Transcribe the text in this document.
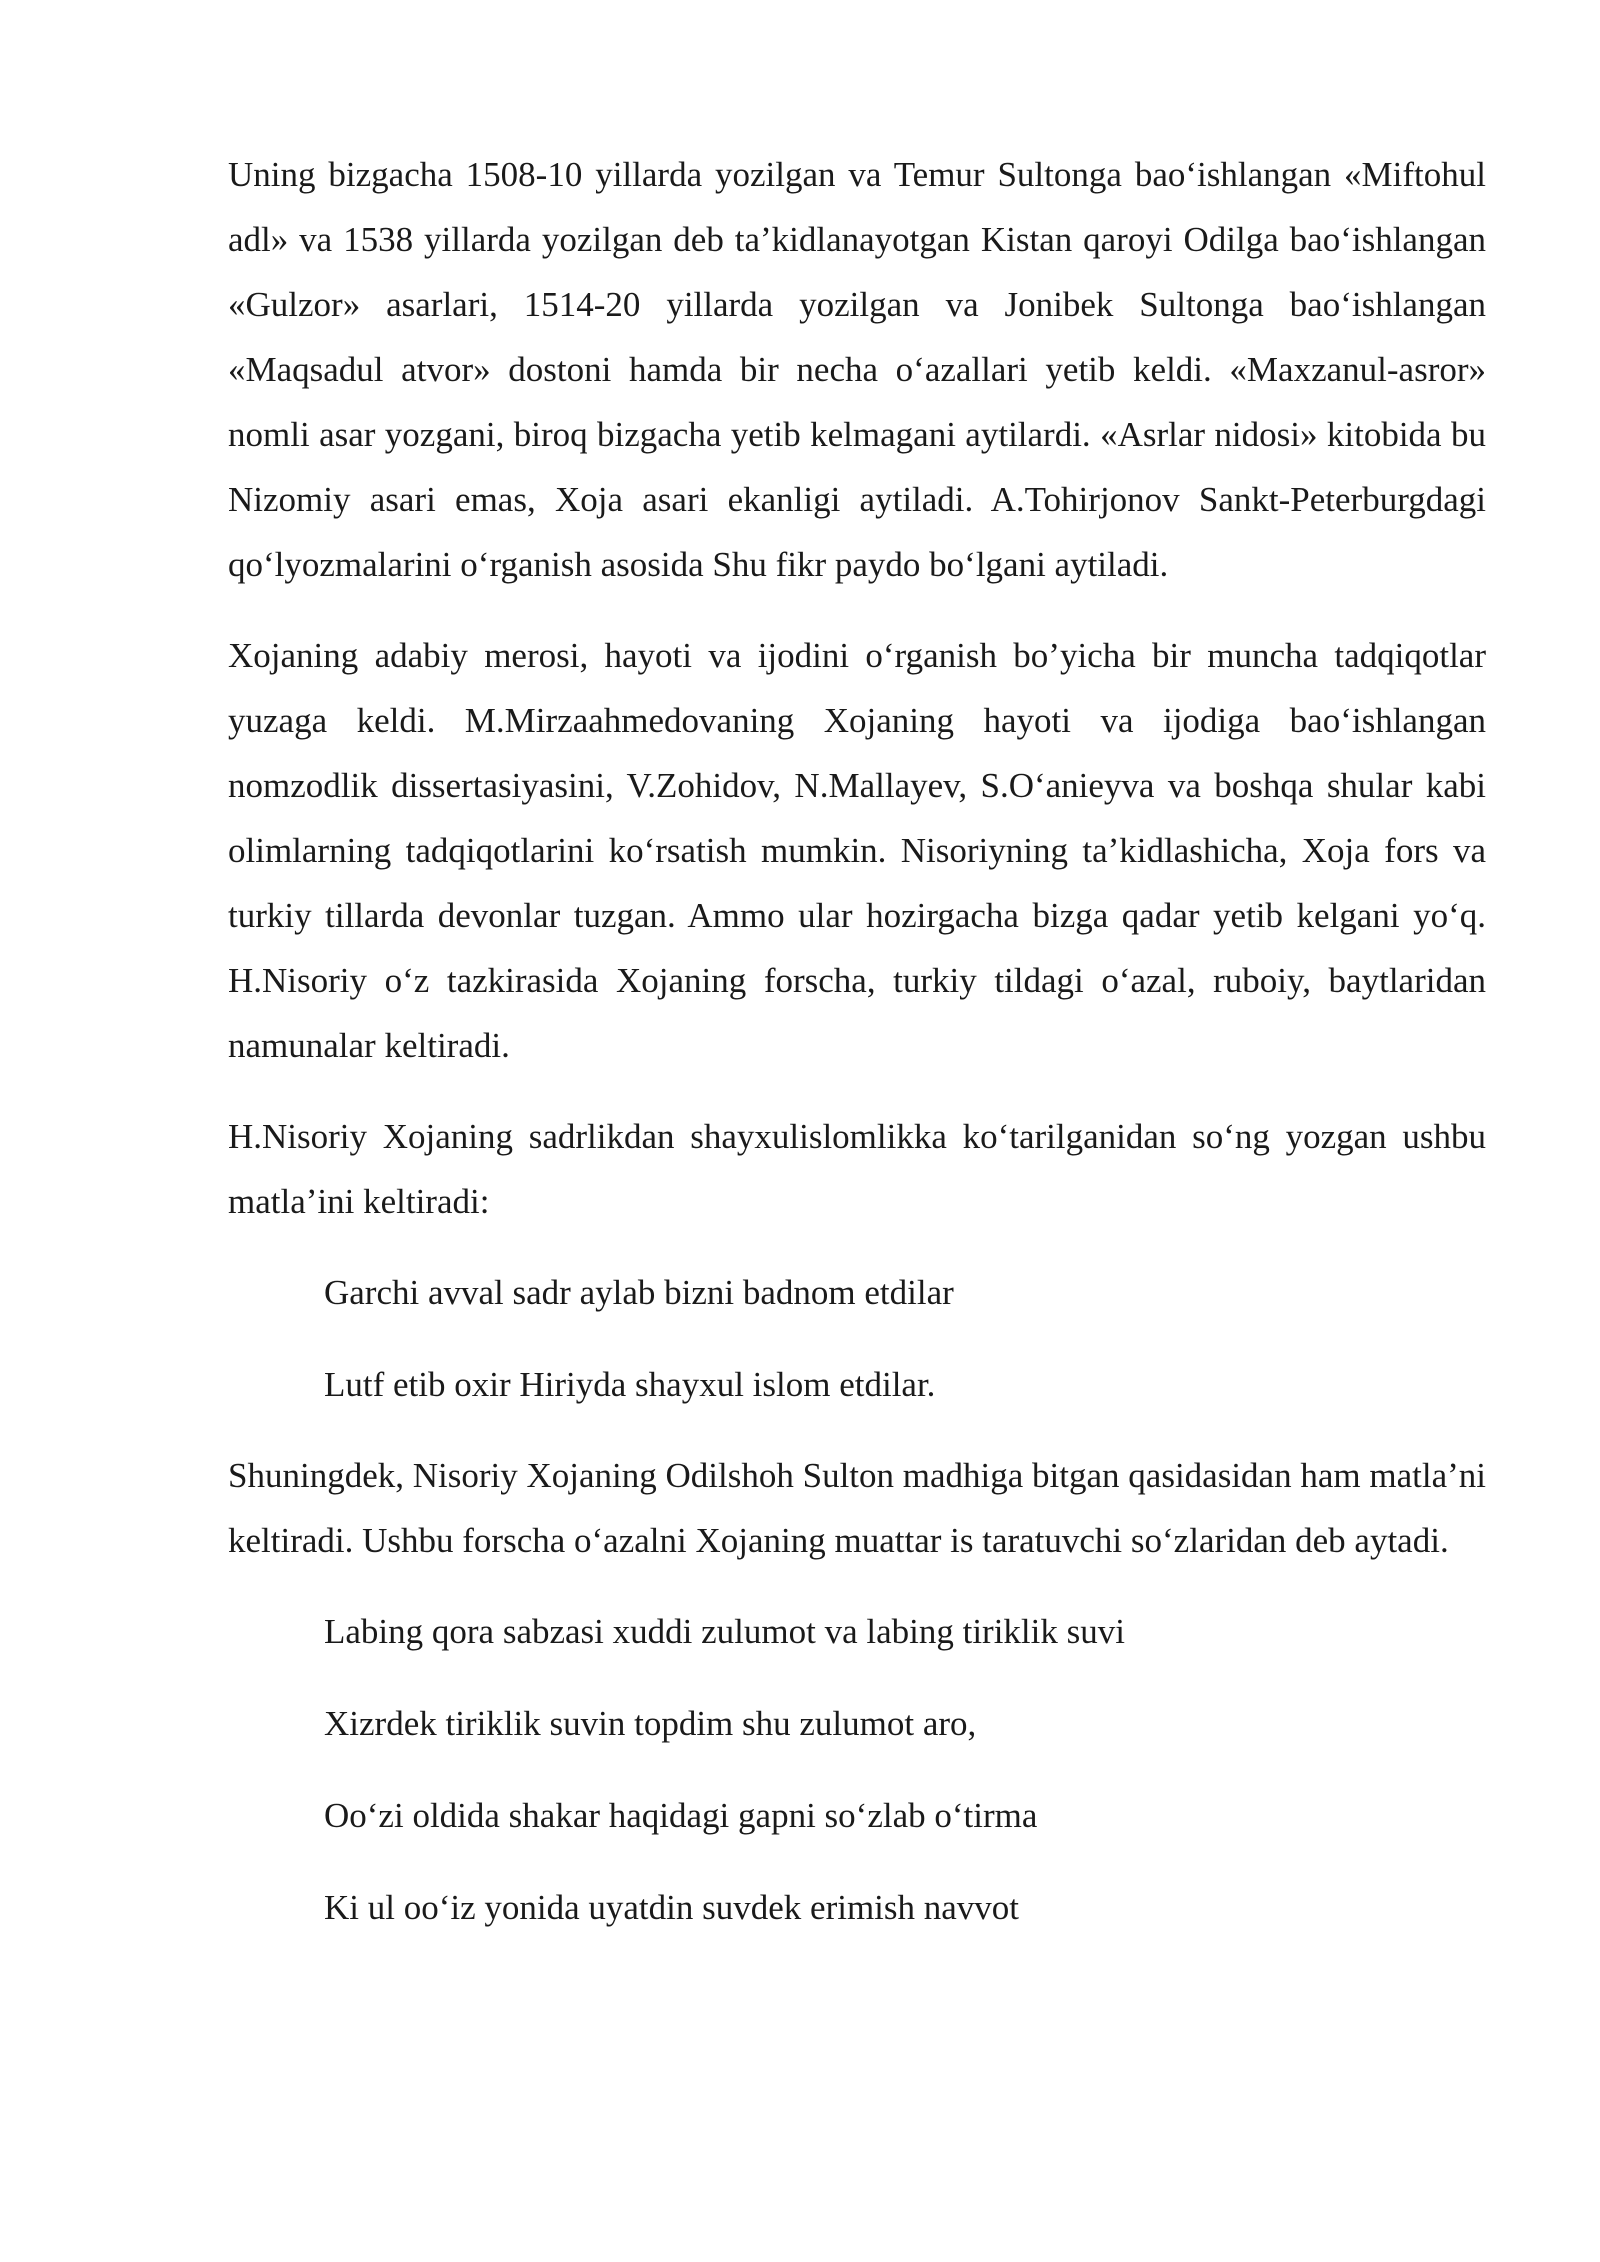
Uning bizgacha 1508-10 yillarda yozilgan va Temur Sultonga baoʻishlangan «Miftohul adl» va 1538 yillarda yozilgan deb taʼkidlanayotgan Kistan qaroyi Odilga baoʻishlangan «Gulzor» asarlari, 1514-20 yillarda yozilgan va Jonibek Sultonga baoʻishlangan «Maqsadul atvor» dostoni hamda bir necha oʻazallari yetib keldi. «Maxzanul-asror» nomli asar yozgani, biroq bizgacha yetib kelmagani aytilardi. «Asrlar nidosi» kitobida bu Nizomiy asari emas, Xoja asari ekanligi aytiladi. A.Tohirjonov Sankt-Peterburgdagi qoʻlyozmalarini oʻrganish asosida Shu fikr paydo boʻlgani aytiladi.

Xojaning adabiy merosi, hayoti va ijodini oʻrganish bo’yicha bir muncha tadqiqotlar yuzaga keldi. M.Mirzaahmedovaning Xojaning hayoti va ijodiga baoʻishlangan nomzodlik dissertasiyasini, V.Zohidov, N.Mallayev, S.Oʻanieyva va boshqa shular kabi olimlarning tadqiqotlarini koʻrsatish mumkin. Nisoriyning taʼkidlashicha, Xoja fors va turkiy tillarda devonlar tuzgan. Ammo ular hozirgacha bizga qadar yetib kelgani yoʻq. H.Nisoriy oʻz tazkirasida Xojaning forscha, turkiy tildagi oʻazal, ruboiy, baytlaridan namunalar keltiradi.

H.Nisoriy Xojaning sadrlikdan shayxulislomlikka koʻtarilganidan soʻng yozgan ushbu matlaʼini keltiradi:

Garchi avval sadr aylab bizni badnom etdilar
Lutf etib oxir Hiriyda shayxul islom etdilar.

Shuningdek, Nisoriy Xojaning Odilshoh Sulton madhiga bitgan qasidasidan ham matlaʼni keltiradi. Ushbu forscha oʻazalni Xojaning muattar is taratuvchi soʻzlaridan deb aytadi.

Labing qora sabzasi xuddi zulumot va labing tiriklik suvi
Xizrdek tiriklik suvin topdim shu zulumot aro,
Ooʻzi oldida shakar haqidagi gapni soʻzlab oʻtirma
Ki ul ooʻiz yonida uyatdin suvdek erimish navvot
